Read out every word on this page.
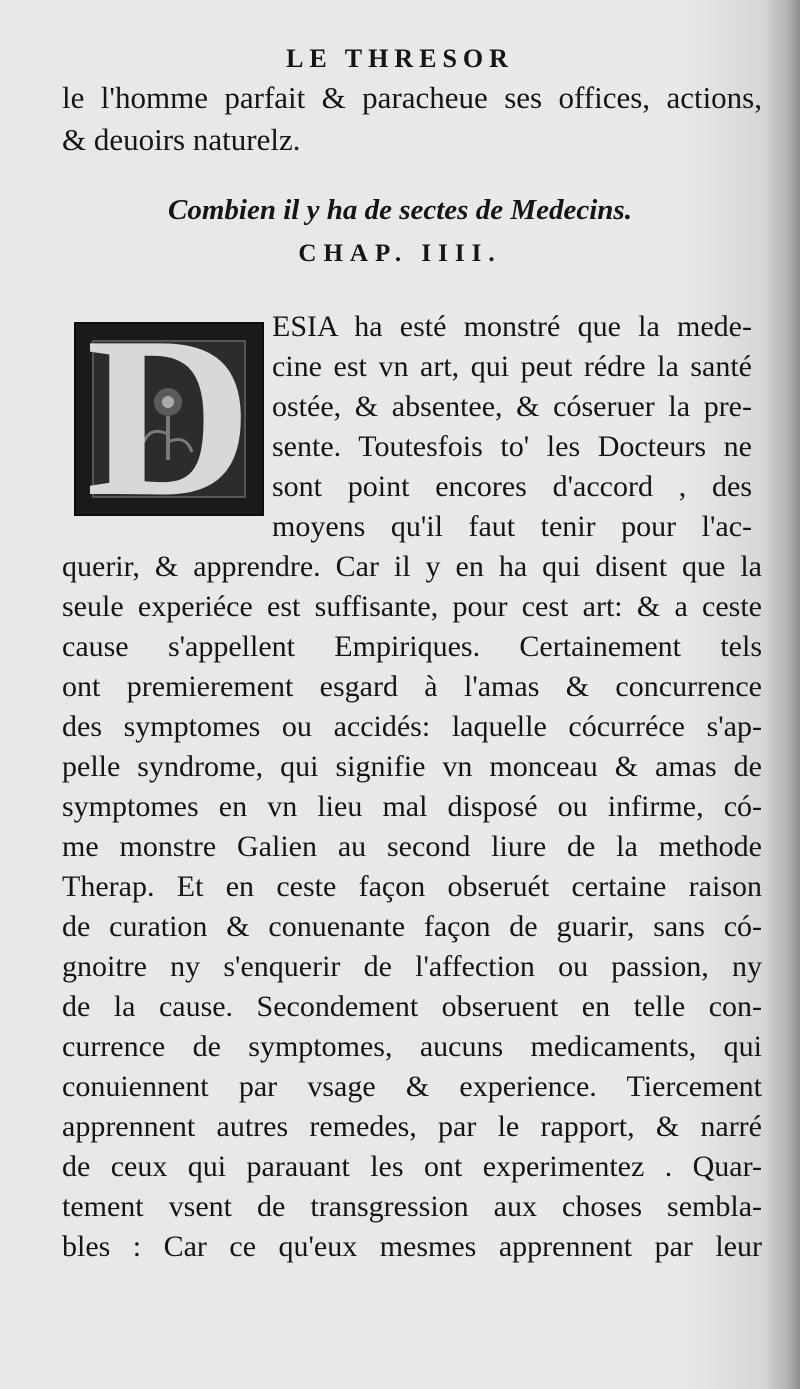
LE THRESOR
le l'homme parfait & paracheue ses offices, actions,
& deuoirs naturelz.
Combien il y ha de sectes de Medecins.
CHAP. IIII.
D ESIA ha esté monstré que la mede-
cine est vn art, qui peut rédre la santé
ostée, & absentee, & cóseruer la pre-
sente. Toutesfois to' les Docteurs ne
sont point encores d'accord , des
moyens qu'il faut tenir pour l'ac-
querir, & apprendre. Car il y en ha qui disent que la
seule experiéce est suffisante, pour cest art: & a ceste
cause s'appellent Empiriques. Certainement tels
ont premierement esgard à l'amas & concurrence
des symptomes ou accidés: laquelle cócurréce s'ap-
pelle syndrome, qui signifie vn monceau & amas de
symptomes en vn lieu mal disposé ou infirme, có-
me monstre Galien au second liure de la methode
Therap. Et en ceste façon obseruét certaine raison
de curation & conuenante façon de guarir, sans có-
gnoitre ny s'enquerir de l'affection ou passion, ny
de la cause. Secondement obseruent en telle con-
currence de symptomes, aucuns medicaments, qui
conuiennent par vsage & experience. Tiercement
apprennent autres remedes, par le rapport, & narré
de ceux qui parauant les ont experimentez . Quar-
tement vsent de transgression aux choses sembla-
bles : Car ce qu'eux mesmes apprennent par leur
